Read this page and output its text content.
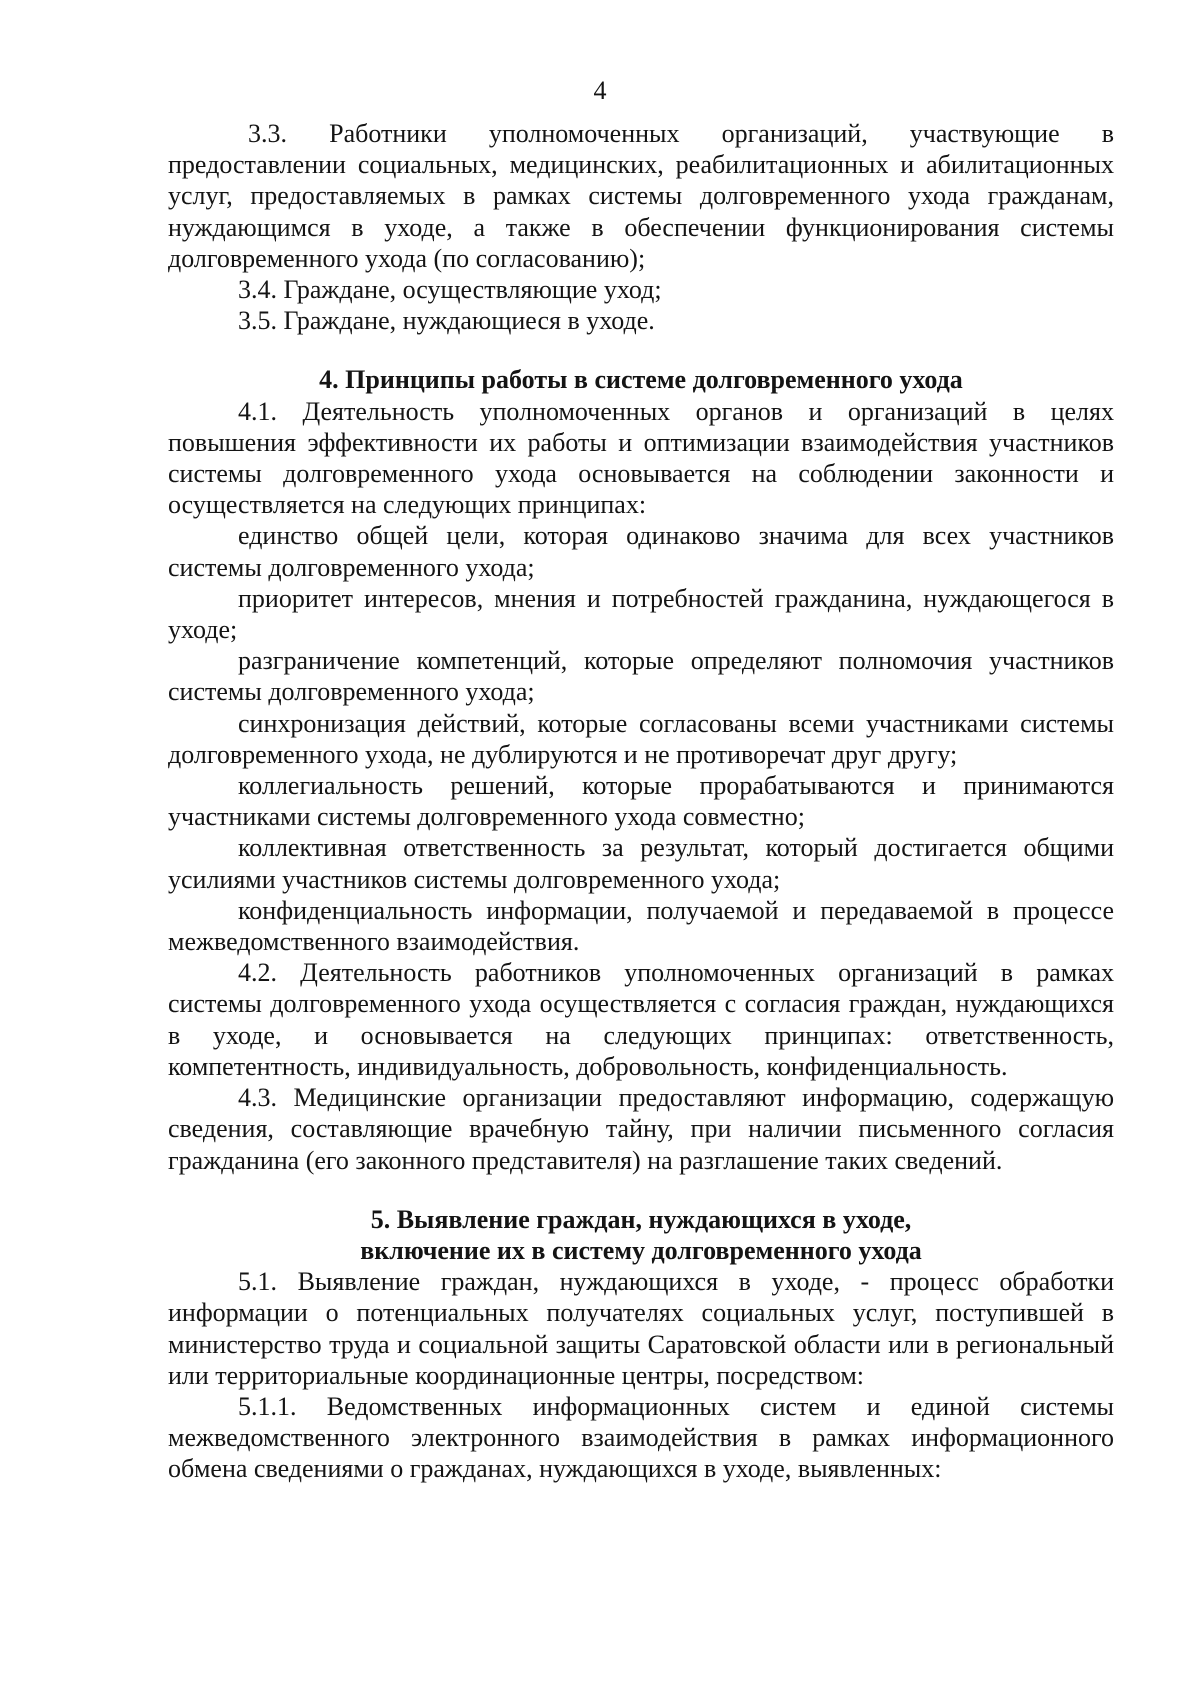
4

3.3. Работники уполномоченных организаций, участвующие в предоставлении социальных, медицинских, реабилитационных и абилитационных услуг, предоставляемых в рамках системы долговременного ухода гражданам, нуждающимся в уходе, а также в обеспечении функционирования системы долговременного ухода (по согласованию);

3.4. Граждане, осуществляющие уход;

3.5. Граждане, нуждающиеся в уходе.

4. Принципы работы в системе долговременного ухода

4.1. Деятельность уполномоченных органов и организаций в целях повышения эффективности их работы и оптимизации взаимодействия участников системы долговременного ухода основывается на соблюдении законности и осуществляется на следующих принципах:

единство общей цели, которая одинаково значима для всех участников системы долговременного ухода;

приоритет интересов, мнения и потребностей гражданина, нуждающегося в уходе;

разграничение компетенций, которые определяют полномочия участников системы долговременного ухода;

синхронизация действий, которые согласованы всеми участниками системы долговременного ухода, не дублируются и не противоречат друг другу;

коллегиальность решений, которые прорабатываются и принимаются участниками системы долговременного ухода совместно;

коллективная ответственность за результат, который достигается общими усилиями участников системы долговременного ухода;

конфиденциальность информации, получаемой и передаваемой в процессе межведомственного взаимодействия.

4.2. Деятельность работников уполномоченных организаций в рамках системы долговременного ухода осуществляется с согласия граждан, нуждающихся в уходе, и основывается на следующих принципах: ответственность, компетентность, индивидуальность, добровольность, конфиденциальность.

4.3. Медицинские организации предоставляют информацию, содержащую сведения, составляющие врачебную тайну, при наличии письменного согласия гражданина (его законного представителя) на разглашение таких сведений.

5. Выявление граждан, нуждающихся в уходе,
включение их в систему долговременного ухода

5.1. Выявление граждан, нуждающихся в уходе, - процесс обработки информации о потенциальных получателях социальных услуг, поступившей в министерство труда и социальной защиты Саратовской области или в региональный или территориальные координационные центры, посредством:

5.1.1. Ведомственных информационных систем и единой системы межведомственного электронного взаимодействия в рамках информационного обмена сведениями о гражданах, нуждающихся в уходе, выявленных:
